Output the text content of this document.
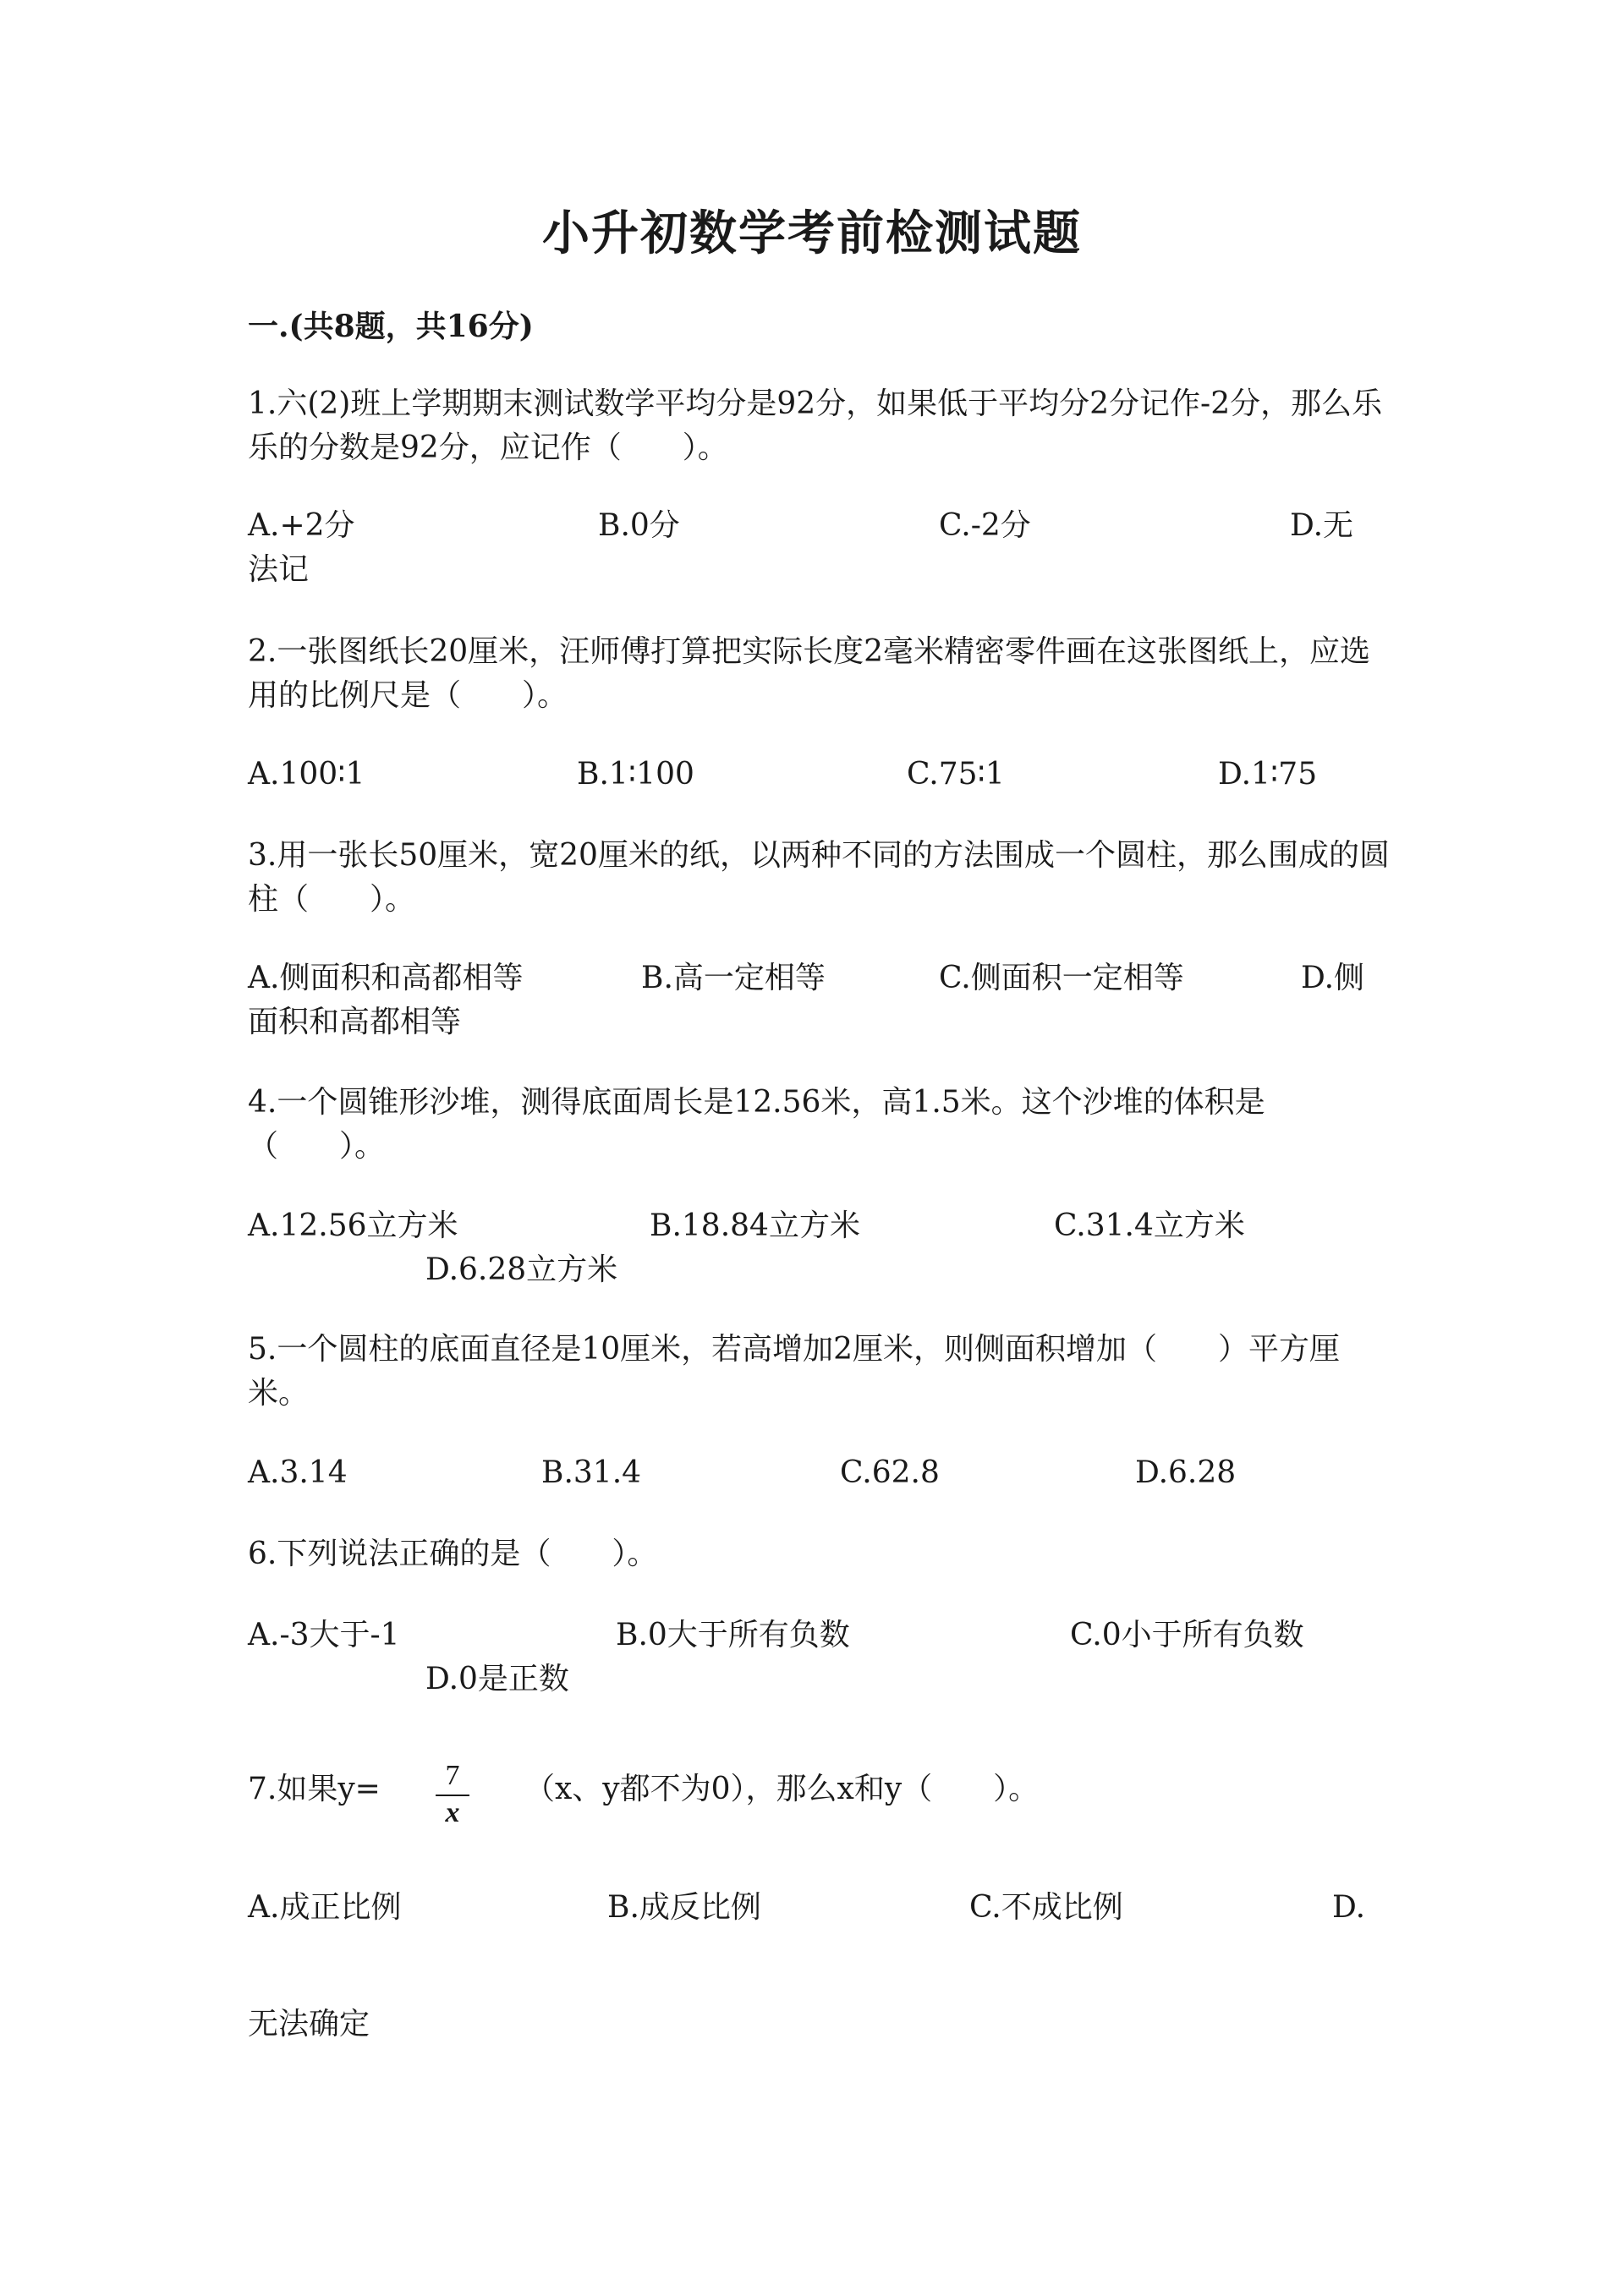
小升初数学考前检测试题
一.(共8题，共16分)

1.六(2)班上学期期末测试数学平均分是92分，如果低于平均分2分记作-2分，那么乐乐的分数是92分，应记作（　　）。

A.+2分	B.0分	C.-2分	D.无
法记

2.一张图纸长20厘米，汪师傅打算把实际长度2毫米精密零件画在这张图纸上，应选用的比例尺是（　　）。

A.100∶1	B.1∶100	C.75∶1	D.1∶75

3.用一张长50厘米，宽20厘米的纸，以两种不同的方法围成一个圆柱，那么围成的圆柱（　　）。

A.侧面积和高都相等	B.高一定相等	C.侧面积一定相等	D.侧
面积和高都相等

4.一个圆锥形沙堆，测得底面周长是12.56米，高1.5米。这个沙堆的体积是（　　）。

A.12.56立方米	B.18.84立方米	C.31.4立方米
D.6.28立方米

5.一个圆柱的底面直径是10厘米，若高增加2厘米，则侧面积增加（　　）平方厘米。

A.3.14	B.31.4	C.62.8	D.6.28

6.下列说法正确的是（　　）。

A.-3大于-1	B.0大于所有负数	C.0小于所有负数
D.0是正数
7.如果$y= \frac{7}{x} (x$、y都不为0），那么x和y（　　）。
A.成正比例	B.成反比例	C.不成比例	D.
无法确定
